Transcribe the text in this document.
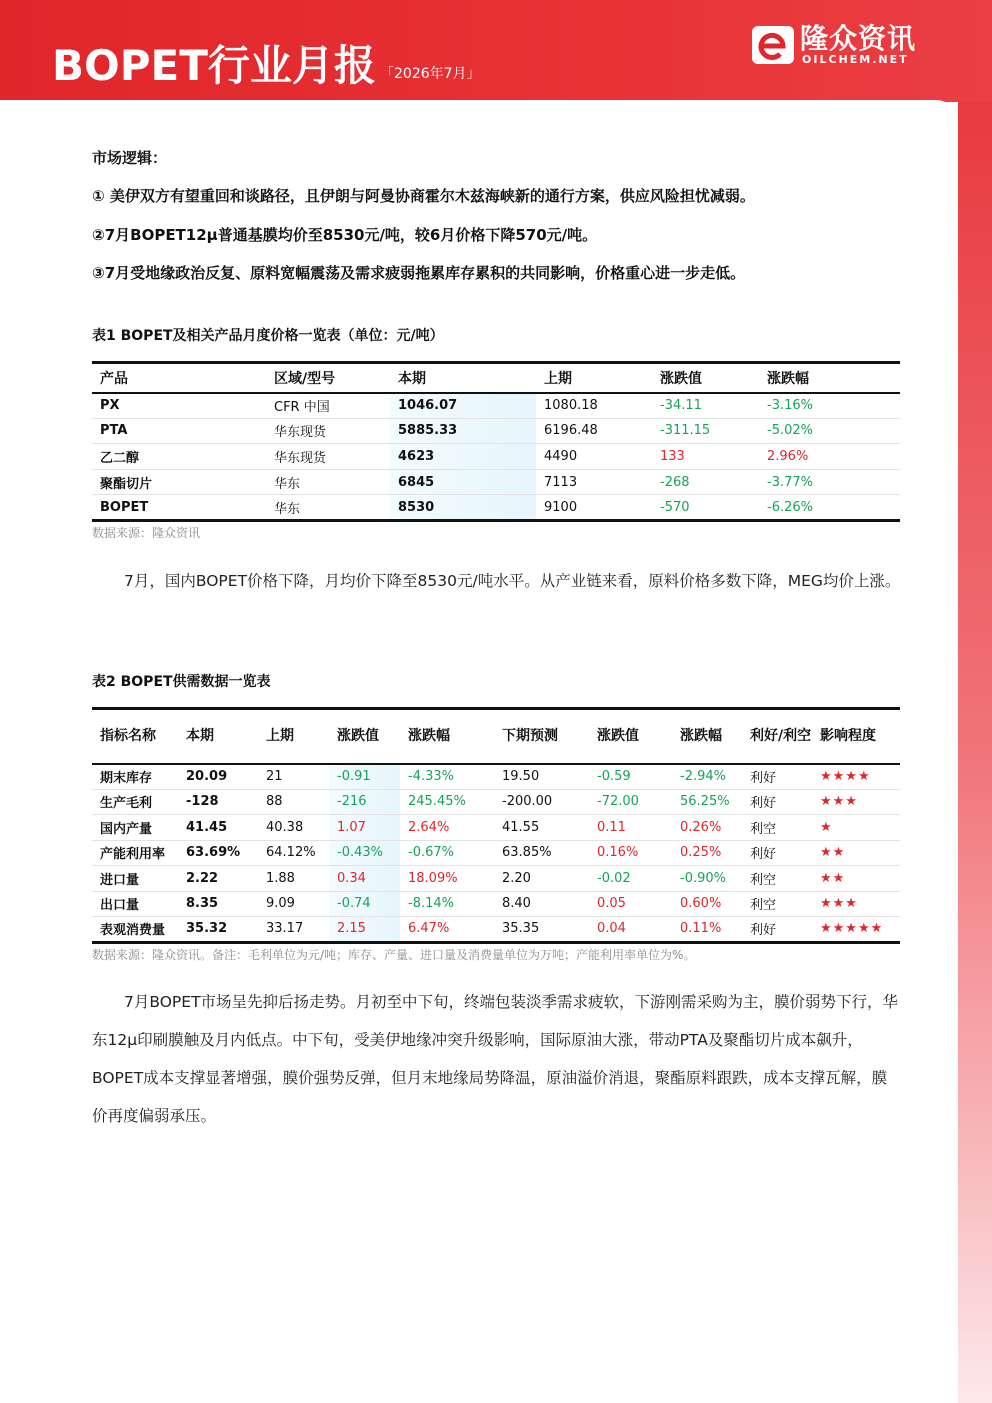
BOPET行业月报 「2026年7月」
隆众资讯
OILCHEM.NET
市场逻辑：
① 美伊双方有望重回和谈路径，且伊朗与阿曼协商霍尔木兹海峡新的通行方案，供应风险担忧减弱。
②7月BOPET12μ普通基膜均价至8530元/吨，较6月价格下降570元/吨。
③7月受地缘政治反复、原料宽幅震荡及需求疲弱拖累库存累积的共同影响，价格重心进一步走低。
表1 BOPET及相关产品月度价格一览表（单位：元/吨）
产品	区域/型号	本期	上期	涨跌值	涨跌幅
PX	CFR 中国	1046.07	1080.18	-34.11	-3.16%
PTA	华东现货	5885.33	6196.48	-311.15	-5.02%
乙二醇	华东现货	4623	4490	133	2.96%
聚酯切片	华东	6845	7113	-268	-3.77%
BOPET	华东	8530	9100	-570	-6.26%
数据来源：隆众资讯
7月，国内BOPET价格下降，月均价下降至8530元/吨水平。从产业链来看，原料价格多数下降，MEG均价上涨。
表2 BOPET供需数据一览表
指标名称	本期	上期	涨跌值	涨跌幅	下期预测	涨跌值	涨跌幅	利好/利空	影响程度
期末库存	20.09	21	-0.91	-4.33%	19.50	-0.59	-2.94%	利好	★★★★
生产毛利	-128	88	-216	245.45%	-200.00	-72.00	56.25%	利好	★★★
国内产量	41.45	40.38	1.07	2.64%	41.55	0.11	0.26%	利空	★
产能利用率	63.69%	64.12%	-0.43%	-0.67%	63.85%	0.16%	0.25%	利好	★★
进口量	2.22	1.88	0.34	18.09%	2.20	-0.02	-0.90%	利空	★★
出口量	8.35	9.09	-0.74	-8.14%	8.40	0.05	0.60%	利空	★★★
表观消费量	35.32	33.17	2.15	6.47%	35.35	0.04	0.11%	利好	★★★★★
数据来源：隆众资讯。备注：毛利单位为元/吨；库存、产量、进口量及消费量单位为万吨；产能利用率单位为%。
7月BOPET市场呈先抑后扬走势。月初至中下旬，终端包装淡季需求疲软，下游刚需采购为主，膜价弱势下行，华东12μ印刷膜触及月内低点。中下旬，受美伊地缘冲突升级影响，国际原油大涨，带动PTA及聚酯切片成本飙升，BOPET成本支撑显著增强，膜价强势反弹，但月末地缘局势降温，原油溢价消退，聚酯原料跟跌，成本支撑瓦解，膜价再度偏弱承压。
